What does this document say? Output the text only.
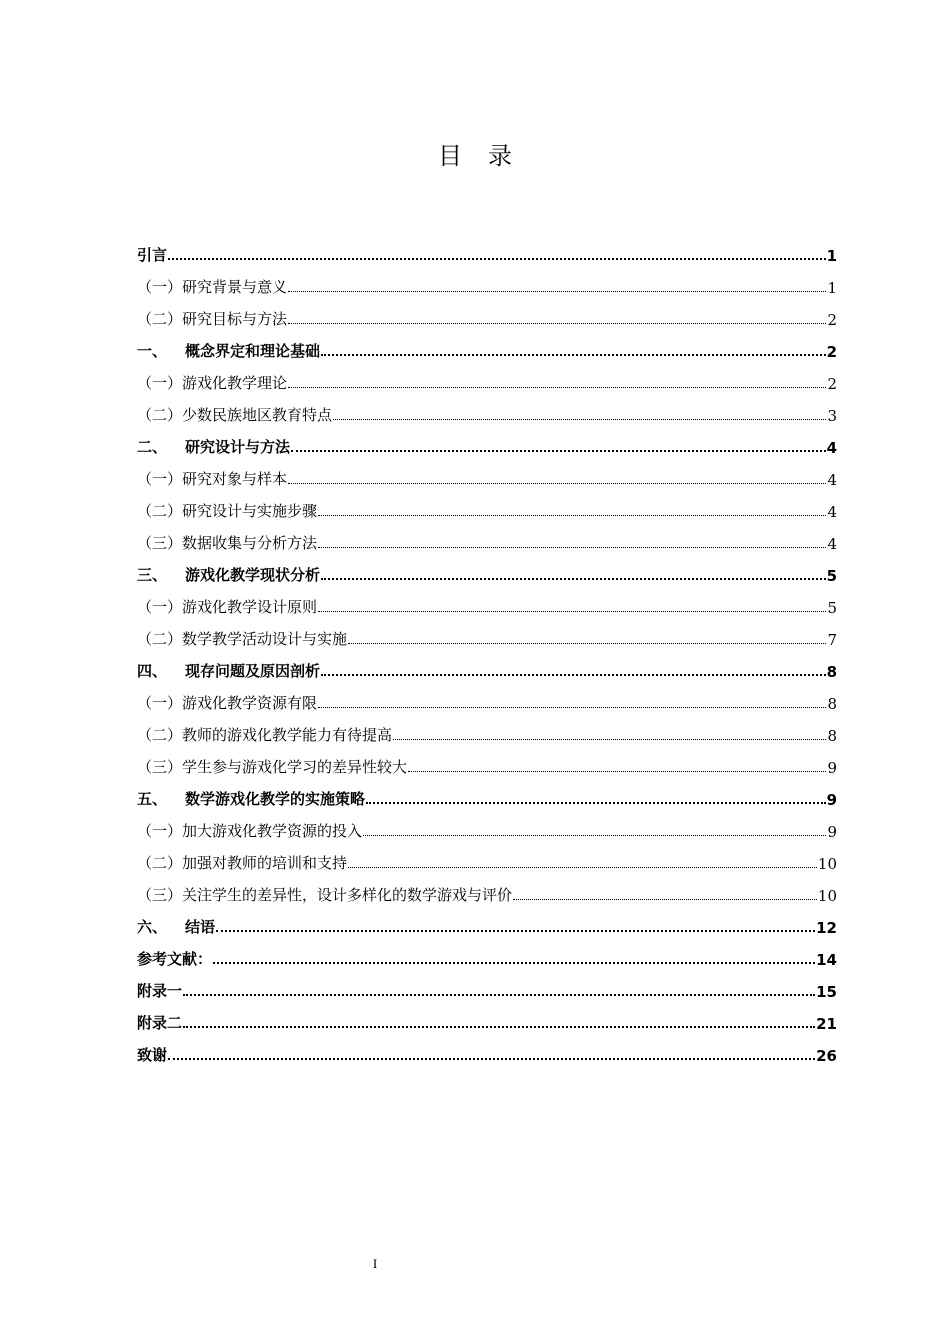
目 录
引言	1
（一）研究背景与意义	1
（二）研究目标与方法	2
一、 概念界定和理论基础	2
（一）游戏化教学理论	2
（二）少数民族地区教育特点	3
二、 研究设计与方法	4
（一）研究对象与样本	4
（二）研究设计与实施步骤	4
（三）数据收集与分析方法	4
三、 游戏化教学现状分析	5
（一）游戏化教学设计原则	5
（二）数学教学活动设计与实施	7
四、 现存问题及原因剖析	8
（一）游戏化教学资源有限	8
（二）教师的游戏化教学能力有待提高	8
（三）学生参与游戏化学习的差异性较大	9
五、 数学游戏化教学的实施策略	9
（一）加大游戏化教学资源的投入	9
（二）加强对教师的培训和支持	10
（三）关注学生的差异性，设计多样化的数学游戏与评价	10
六、 结语	12
参考文献：	14
附录一	15
附录二	21
致谢	26
I
